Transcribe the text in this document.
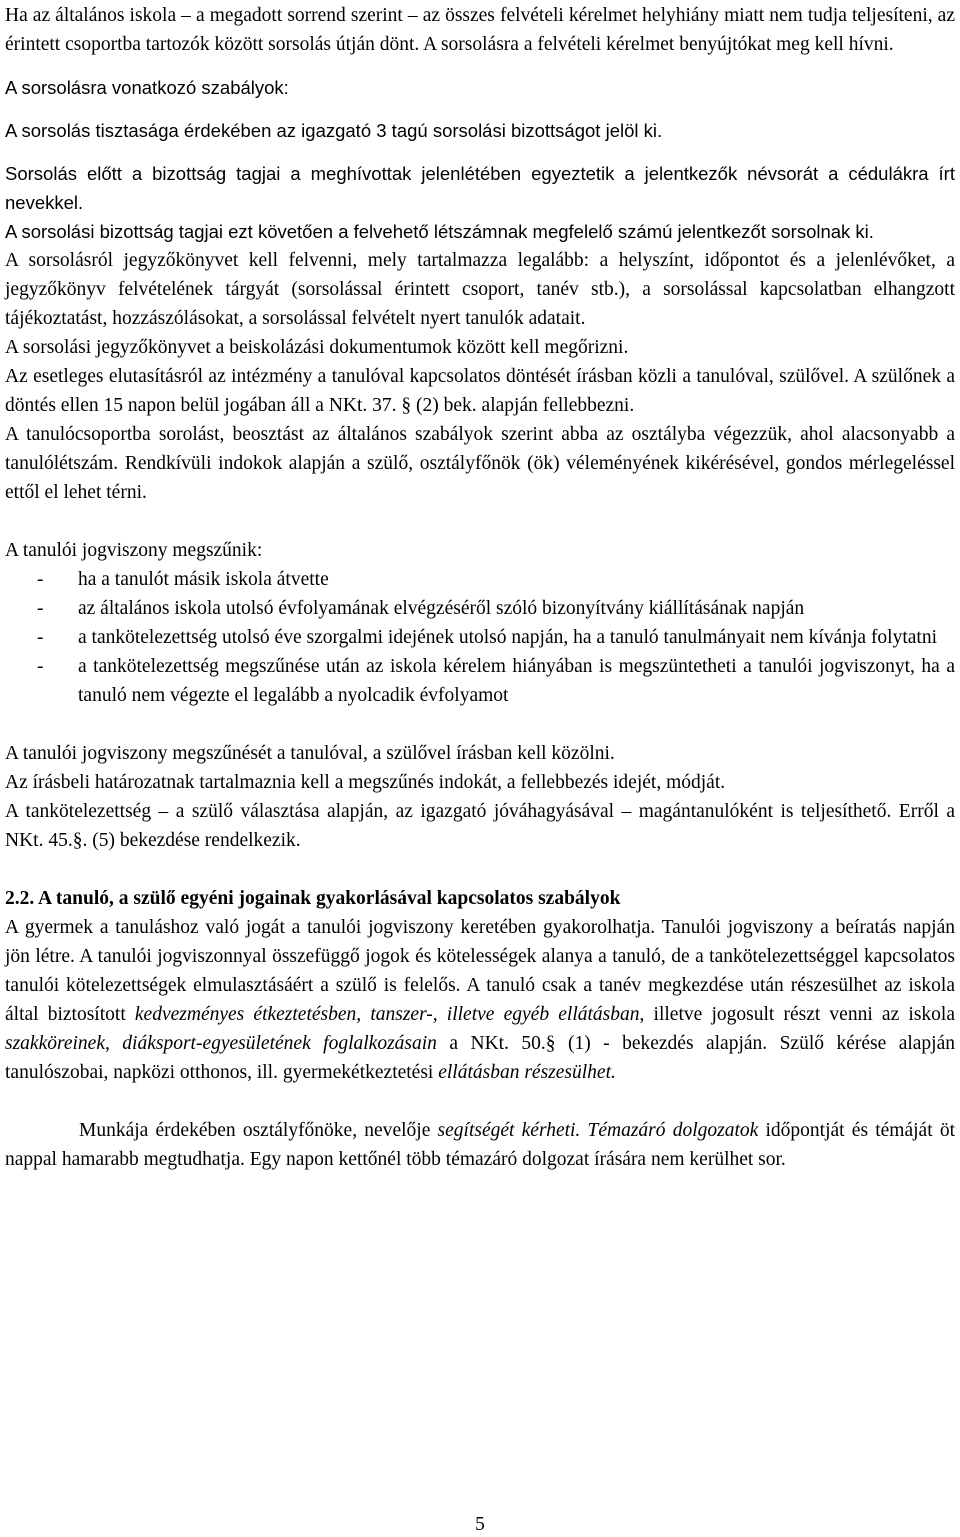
Ha az általános iskola – a megadott sorrend szerint – az összes felvételi kérelmet helyhiány miatt nem tudja teljesíteni, az érintett csoportba tartozók között sorsolás útján dönt. A sorsolásra a felvételi kérelmet benyújtókat meg kell hívni.

A sorsolásra vonatkozó szabályok:

A sorsolás tisztasága érdekében az igazgató 3 tagú sorsolási bizottságot jelöl ki.

Sorsolás előtt a bizottság tagjai a meghívottak jelenlétében egyeztetik a jelentkezők névsorát a cédulákra írt nevekkel.

A sorsolási bizottság tagjai ezt követően a felvehető létszámnak megfelelő számú jelentkezőt sorsolnak ki.

A sorsolásról jegyzőkönyvet kell felvenni, mely tartalmazza legalább: a helyszínt, időpontot és a jelenlévőket, a jegyzőkönyv felvételének tárgyát (sorsolással érintett csoport, tanév stb.), a sorsolással kapcsolatban elhangzott tájékoztatást, hozzászólásokat, a sorsolással felvételt nyert tanulók adatait.

A sorsolási jegyzőkönyvet a beiskolázási dokumentumok között kell megőrizni.

Az esetleges elutasításról az intézmény a tanulóval kapcsolatos döntését írásban közli a tanulóval, szülővel. A szülőnek a döntés ellen 15 napon belül jogában áll a NKt. 37. § (2) bek. alapján fellebbezni.

A tanulócsoportba sorolást, beosztást az általános szabályok szerint abba az osztályba végezzük, ahol alacsonyabb a tanulólétszám. Rendkívüli indokok alapján a szülő, osztályfőnök (ök) véleményének kikérésével, gondos mérlegeléssel ettől el lehet térni.

A tanulói jogviszony megszűnik:

- ha a tanulót másik iskola átvette
- az általános iskola utolsó évfolyamának elvégzéséről szóló bizonyítvány kiállításának napján
- a tankötelezettség utolsó éve szorgalmi idejének utolsó napján, ha a tanuló tanulmányait nem kívánja folytatni
- a tankötelezettség megszűnése után az iskola kérelem hiányában is megszüntetheti a tanulói jogviszonyt, ha a tanuló nem végezte el legalább a nyolcadik évfolyamot

A tanulói jogviszony megszűnését a tanulóval, a szülővel írásban kell közölni.

Az írásbeli határozatnak tartalmaznia kell a megszűnés indokát, a fellebbezés idejét, módját.

A tankötelezettség – a szülő választása alapján, az igazgató jóváhagyásával – magántanulóként is teljesíthető. Erről a NKt. 45.§. (5) bekezdése rendelkezik.

2.2. A tanuló, a szülő egyéni jogainak gyakorlásával kapcsolatos szabályok

A gyermek a tanuláshoz való jogát a tanulói jogviszony keretében gyakorolhatja. Tanulói jogviszony a beíratás napján jön létre. A tanulói jogviszonnyal összefüggő jogok és kötelességek alanya a tanuló, de a tankötelezettséggel kapcsolatos tanulói kötelezettségek elmulasztásáért a szülő is felelős. A tanuló csak a tanév megkezdése után részesülhet az iskola által biztosított kedvezményes étkeztetésben, tanszer-, illetve egyéb ellátásban, illetve jogosult részt venni az iskola szakköreinek, diáksport-egyesületének foglalkozásain a NKt. 50.§ (1) - bekezdés alapján. Szülő kérése alapján tanulószobai, napközi otthonos, ill. gyermekétkeztetési ellátásban részesülhet.

Munkája érdekében osztályfőnöke, nevelője segítségét kérheti. Témazáró dolgozatok időpontját és témáját öt nappal hamarabb megtudhatja. Egy napon kettőnél több témazáró dolgozat írására nem kerülhet sor.

5
